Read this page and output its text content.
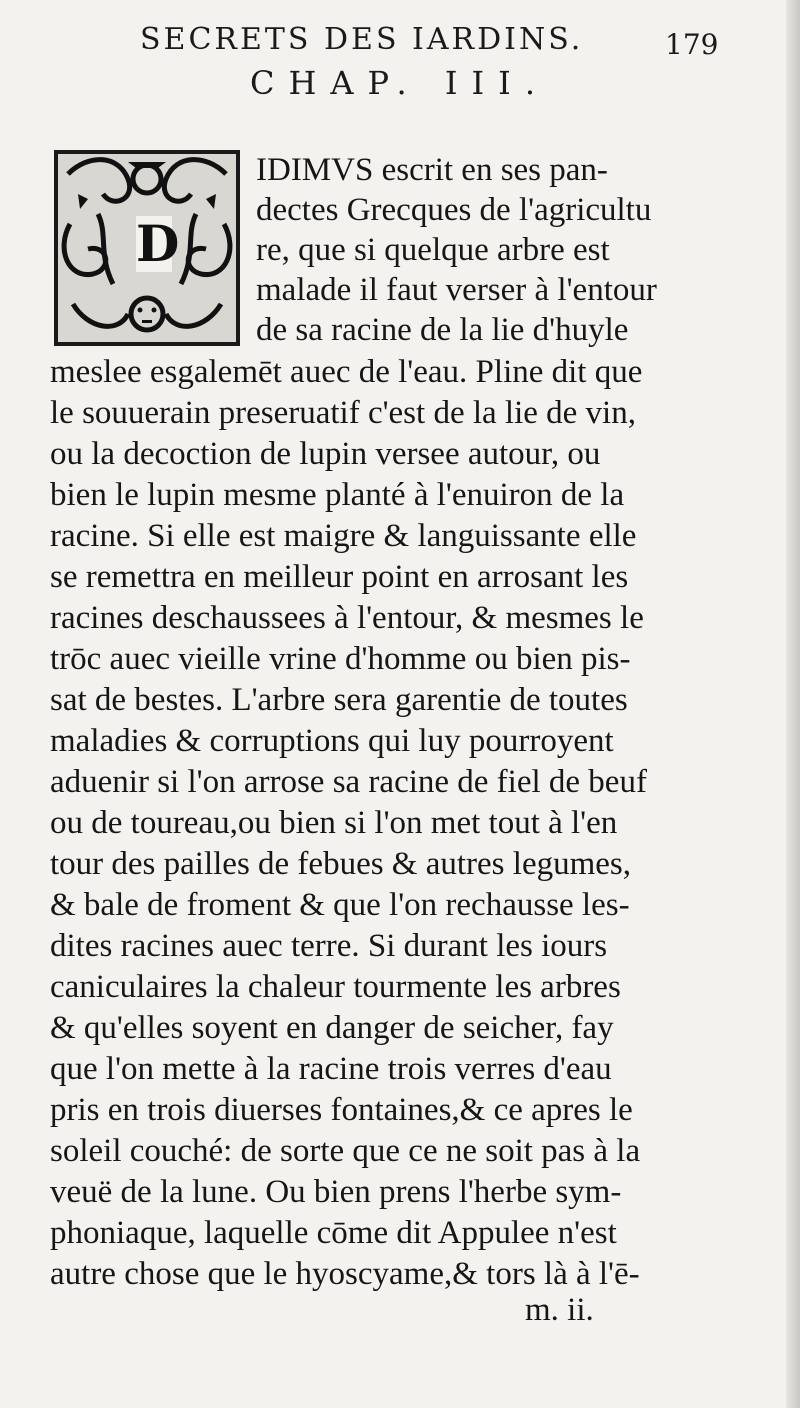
SECRETS DES IARDINS.	179
CHAP. III.
D
IDIMVS escrit en ses pan-
dectes Grecques de l'agricultu
re, que si quelque arbre est
malade il faut verser à l'entour
de sa racine de la lie d'huyle
meslee esgalemēt auec de l'eau. Pline dit que
le souuerain preseruatif c'est de la lie de vin,
ou la decoction de lupin versee autour, ou
bien le lupin mesme planté à l'enuiron de la
racine. Si elle est maigre & languissante elle
se remettra en meilleur point en arrosant les
racines deschaussees à l'entour, & mesmes le
trōc auec vieille vrine d'homme ou bien pis-
sat de bestes. L'arbre sera garentie de toutes
maladies & corruptions qui luy pourroyent
aduenir si l'on arrose sa racine de fiel de beuf
ou de toureau,ou bien si l'on met tout à l'en
tour des pailles de febues & autres legumes,
& bale de froment & que l'on rechausse les-
dites racines auec terre. Si durant les iours
caniculaires la chaleur tourmente les arbres
& qu'elles soyent en danger de seicher, fay
que l'on mette à la racine trois verres d'eau
pris en trois diuerses fontaines,& ce apres le
soleil couché: de sorte que ce ne soit pas à la
veuë de la lune. Ou bien prens l'herbe sym-
phoniaque, laquelle cōme dit Appulee n'est
autre chose que le hyoscyame,& tors là à l'ē-
m. ii.
